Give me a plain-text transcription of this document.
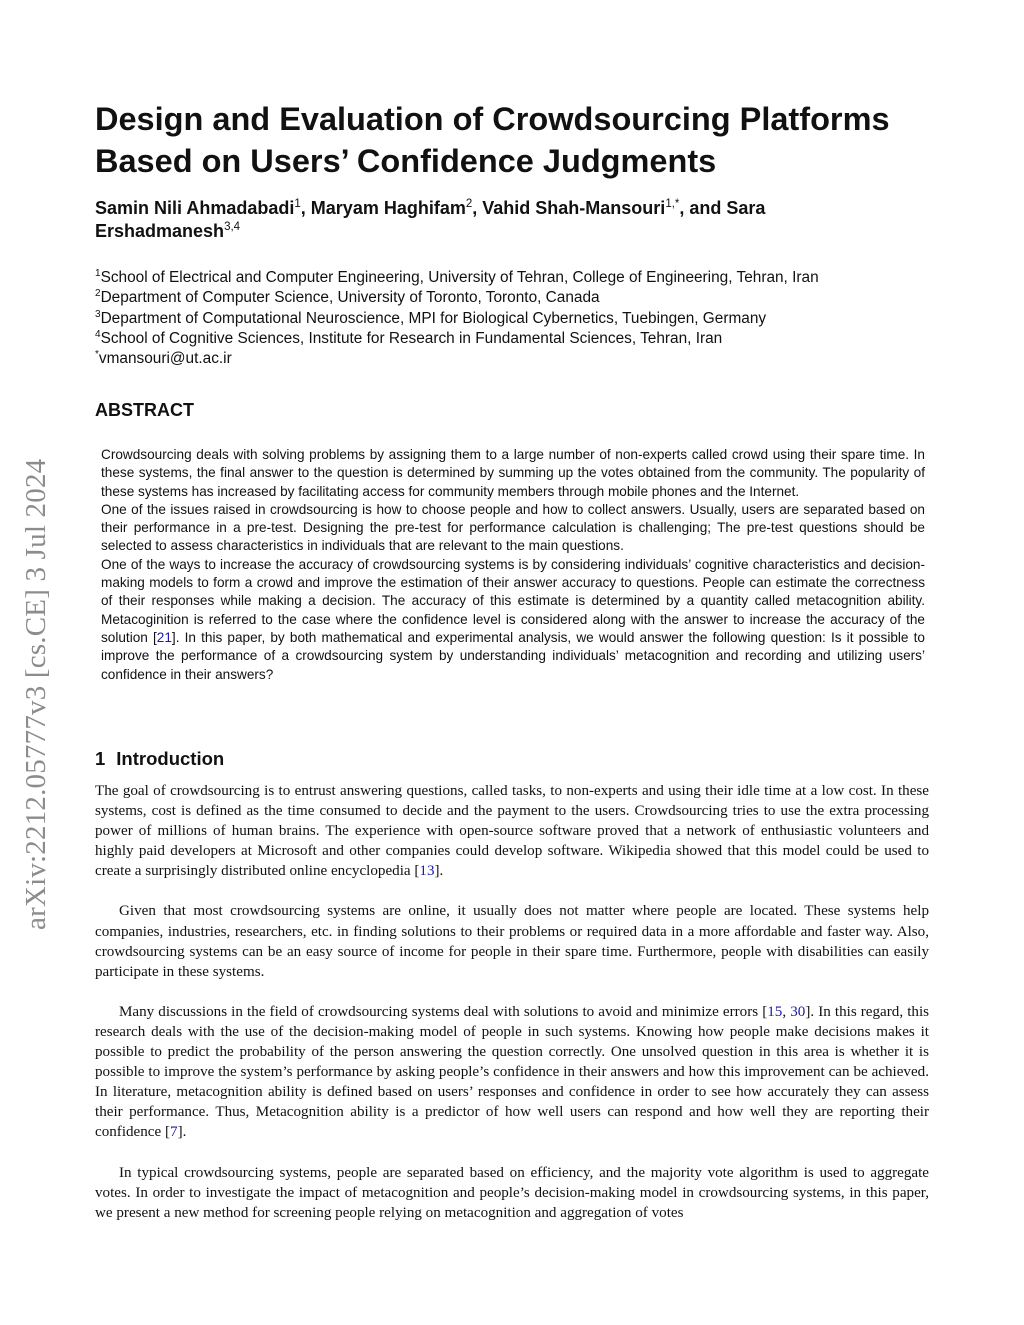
arXiv:2212.05777v3 [cs.CE] 3 Jul 2024
Design and Evaluation of Crowdsourcing Platforms
Based on Users’ Confidence Judgments
Samin Nili Ahmadabadi$^1$, Maryam Haghifam$^2$, Vahid Shah-Mansouri$^{1,*}$, and Sara
Ershadmanesh$^{3,4}$
$^1$School of Electrical and Computer Engineering, University of Tehran, College of Engineering, Tehran, Iran
$^2$Department of Computer Science, University of Toronto, Toronto, Canada
$^3$Department of Computational Neuroscience, MPI for Biological Cybernetics, Tuebingen, Germany
$^4$School of Cognitive Sciences, Institute for Research in Fundamental Sciences, Tehran, Iran
*vmansouri@ut.ac.ir
ABSTRACT

Crowdsourcing deals with solving problems by assigning them to a large number of non-experts called crowd using their spare time. In these systems, the final answer to the question is determined by summing up the votes obtained from the community. The popularity of these systems has increased by facilitating access for community members through mobile phones and the Internet.

One of the issues raised in crowdsourcing is how to choose people and how to collect answers. Usually, users are separated based on their performance in a pre-test. Designing the pre-test for performance calculation is challenging; The pre-test questions should be selected to assess characteristics in individuals that are relevant to the main questions.

One of the ways to increase the accuracy of crowdsourcing systems is by considering individuals’ cognitive characteristics and decision-making models to form a crowd and improve the estimation of their answer accuracy to questions. People can estimate the correctness of their responses while making a decision. The accuracy of this estimate is determined by a quantity called metacognition ability. Metacoginition is referred to the case where the confidence level is considered along with the answer to increase the accuracy of the solution [21]. In this paper, by both mathematical and experimental analysis, we would answer the following question: Is it possible to improve the performance of a crowdsourcing system by understanding individuals’ metacognition and recording and utilizing users’ confidence in their answers?

1 Introduction

The goal of crowdsourcing is to entrust answering questions, called tasks, to non-experts and using their idle time at a low cost. In these systems, cost is defined as the time consumed to decide and the payment to the users. Crowdsourcing tries to use the extra processing power of millions of human brains. The experience with open-source software proved that a network of enthusiastic volunteers and highly paid developers at Microsoft and other companies could develop software. Wikipedia showed that this model could be used to create a surprisingly distributed online encyclopedia [13].

Given that most crowdsourcing systems are online, it usually does not matter where people are located. These systems help companies, industries, researchers, etc. in finding solutions to their problems or required data in a more affordable and faster way. Also, crowdsourcing systems can be an easy source of income for people in their spare time. Furthermore, people with disabilities can easily participate in these systems.

Many discussions in the field of crowdsourcing systems deal with solutions to avoid and minimize errors [15, 30]. In this regard, this research deals with the use of the decision-making model of people in such systems. Knowing how people make decisions makes it possible to predict the probability of the person answering the question correctly. One unsolved question in this area is whether it is possible to improve the system’s performance by asking people’s confidence in their answers and how this improvement can be achieved. In literature, metacognition ability is defined based on users’ responses and confidence in order to see how accurately they can assess their performance. Thus, Metacognition ability is a predictor of how well users can respond and how well they are reporting their confidence [7].

In typical crowdsourcing systems, people are separated based on efficiency, and the majority vote algorithm is used to aggregate votes. In order to investigate the impact of metacognition and people’s decision-making model in crowdsourcing systems, in this paper, we present a new method for screening people relying on metacognition and aggregation of votes
